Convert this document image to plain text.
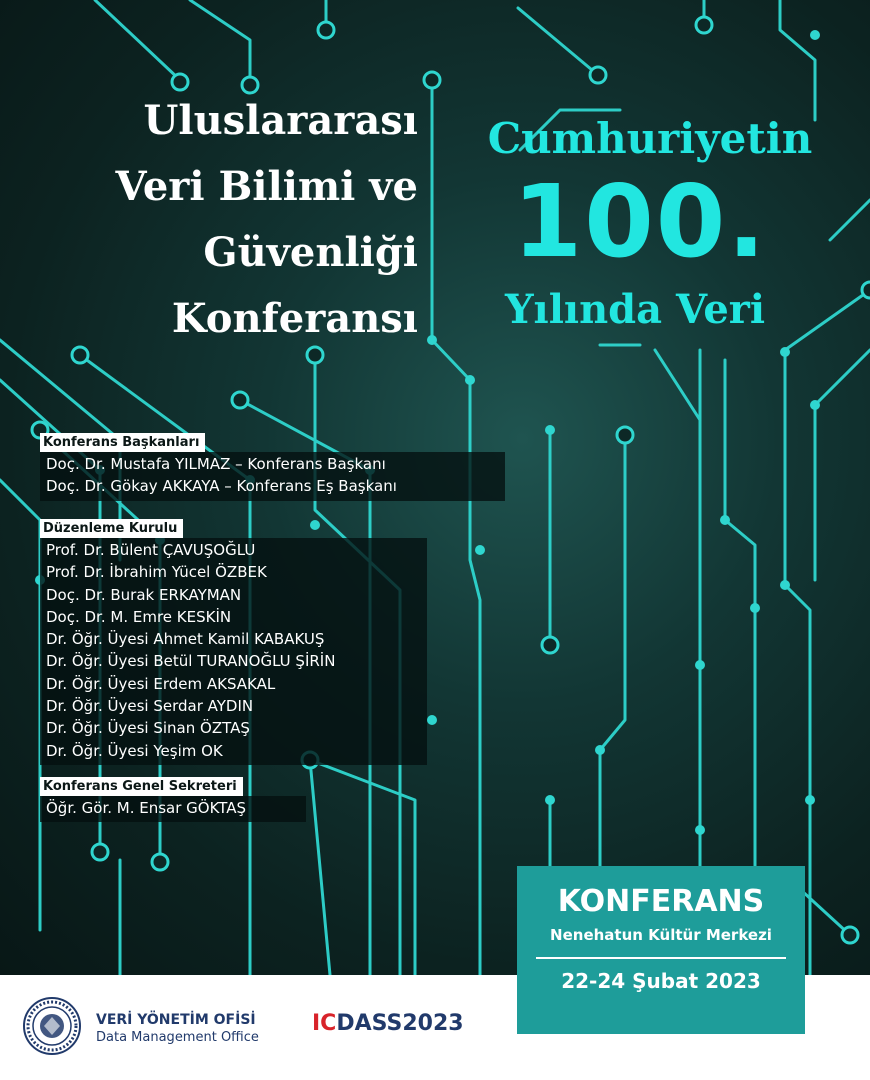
Uluslararası
Veri Bilimi ve
Güvenliği
Konferansı
Cumhuriyetin
100.
Yılında Veri
Konferans Başkanları
Doç. Dr. Mustafa YILMAZ – Konferans Başkanı
Doç. Dr. Gökay AKKAYA – Konferans Eş Başkanı
Düzenleme Kurulu
Prof. Dr. Bülent ÇAVUŞOĞLU
Prof. Dr. İbrahim Yücel ÖZBEK
Doç. Dr. Burak ERKAYMAN
Doç. Dr. M. Emre KESKİN
Dr. Öğr. Üyesi Ahmet Kamil KABAKUŞ
Dr. Öğr. Üyesi Betül TURANOĞLU ŞİRİN
Dr. Öğr. Üyesi Erdem AKSAKAL
Dr. Öğr. Üyesi Serdar AYDIN
Dr. Öğr. Üyesi Sinan ÖZTAŞ
Dr. Öğr. Üyesi Yeşim OK
Konferans Genel Sekreteri
Öğr. Gör. M. Ensar GÖKTAŞ
VERİ YÖNETİM OFİSİ
Data Management Office
ICDASS2023
KONFERANS
Nenehatun Kültür Merkezi
22-24 Şubat 2023
